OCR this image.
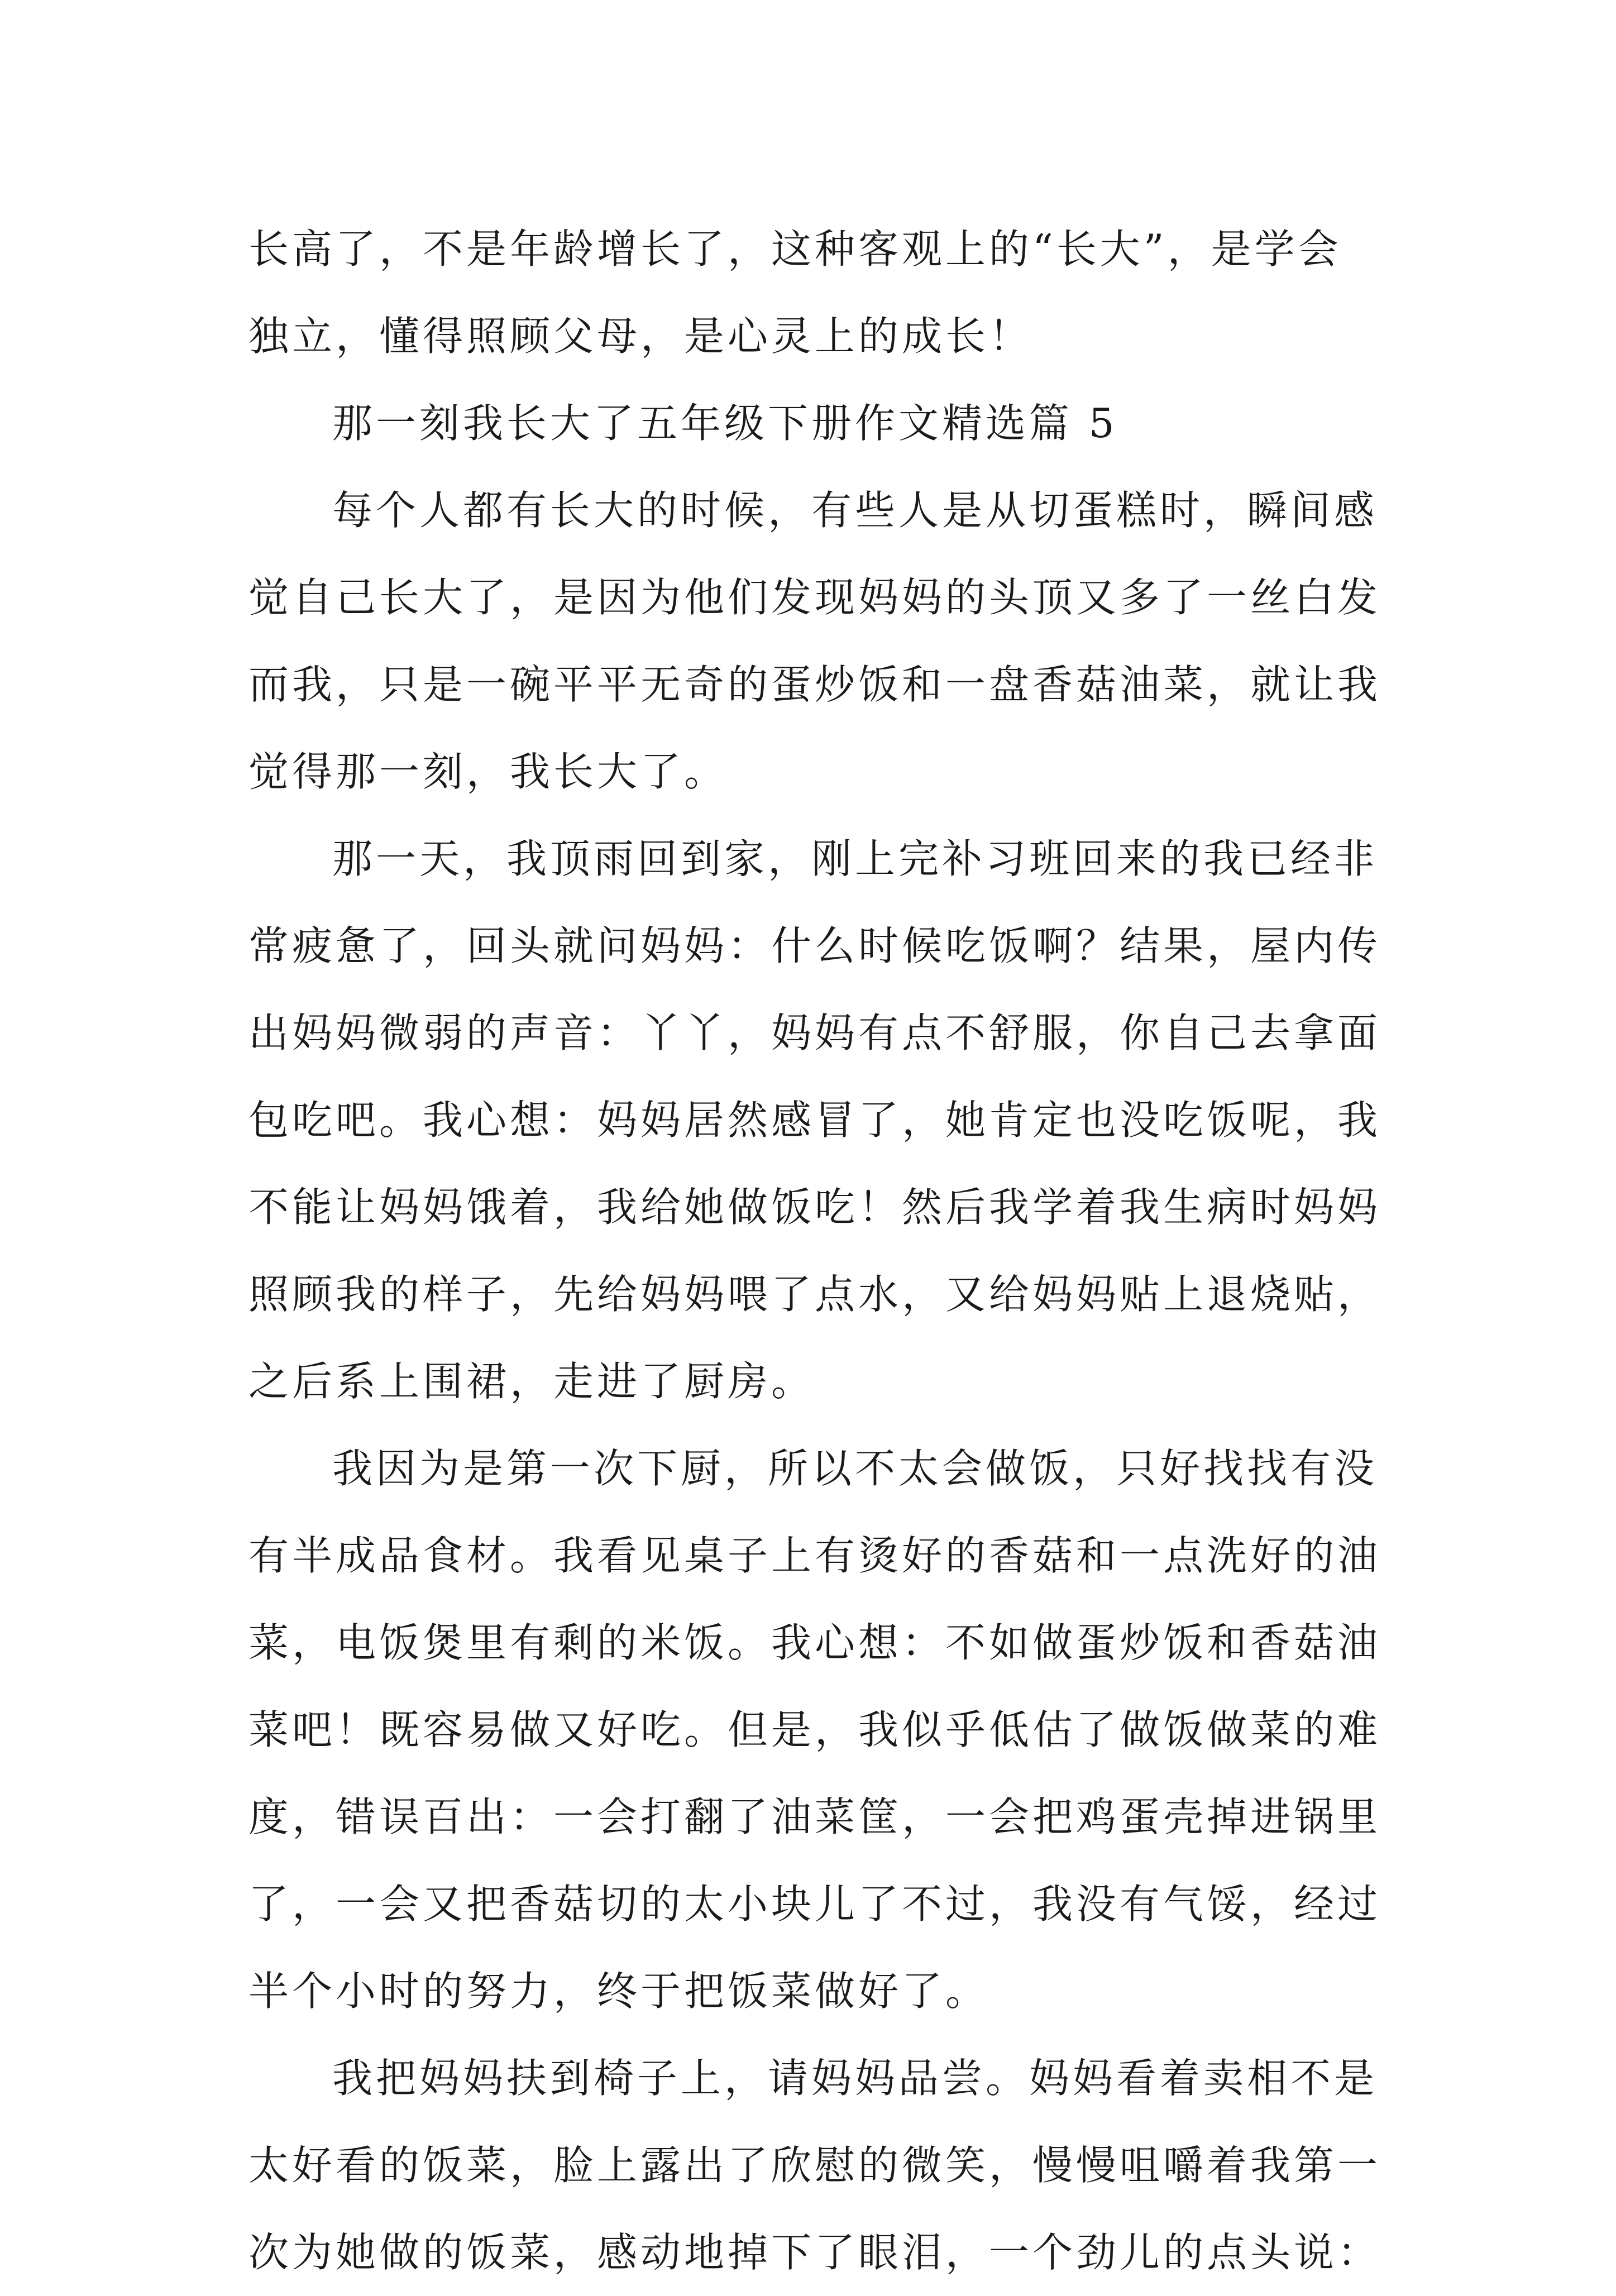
长高了，不是年龄增长了，这种客观上的“长大”，是学会
独立，懂得照顾父母，是心灵上的成长！
那一刻我长大了五年级下册作文精选篇 5
每个人都有长大的时候，有些人是从切蛋糕时，瞬间感
觉自己长大了，是因为他们发现妈妈的头顶又多了一丝白发
而我，只是一碗平平无奇的蛋炒饭和一盘香菇油菜，就让我
觉得那一刻，我长大了。
那一天，我顶雨回到家，刚上完补习班回来的我已经非
常疲惫了，回头就问妈妈：什么时候吃饭啊？结果，屋内传
出妈妈微弱的声音：丫丫，妈妈有点不舒服，你自己去拿面
包吃吧。我心想：妈妈居然感冒了，她肯定也没吃饭呢，我
不能让妈妈饿着，我给她做饭吃！然后我学着我生病时妈妈
照顾我的样子，先给妈妈喂了点水，又给妈妈贴上退烧贴，
之后系上围裙，走进了厨房。
我因为是第一次下厨，所以不太会做饭，只好找找有没
有半成品食材。我看见桌子上有烫好的香菇和一点洗好的油
菜，电饭煲里有剩的米饭。我心想：不如做蛋炒饭和香菇油
菜吧！既容易做又好吃。但是，我似乎低估了做饭做菜的难
度，错误百出：一会打翻了油菜筐，一会把鸡蛋壳掉进锅里
了，一会又把香菇切的太小块儿了不过，我没有气馁，经过
半个小时的努力，终于把饭菜做好了。
我把妈妈扶到椅子上，请妈妈品尝。妈妈看着卖相不是
太好看的饭菜，脸上露出了欣慰的微笑，慢慢咀嚼着我第一
次为她做的饭菜，感动地掉下了眼泪，一个劲儿的点头说：
